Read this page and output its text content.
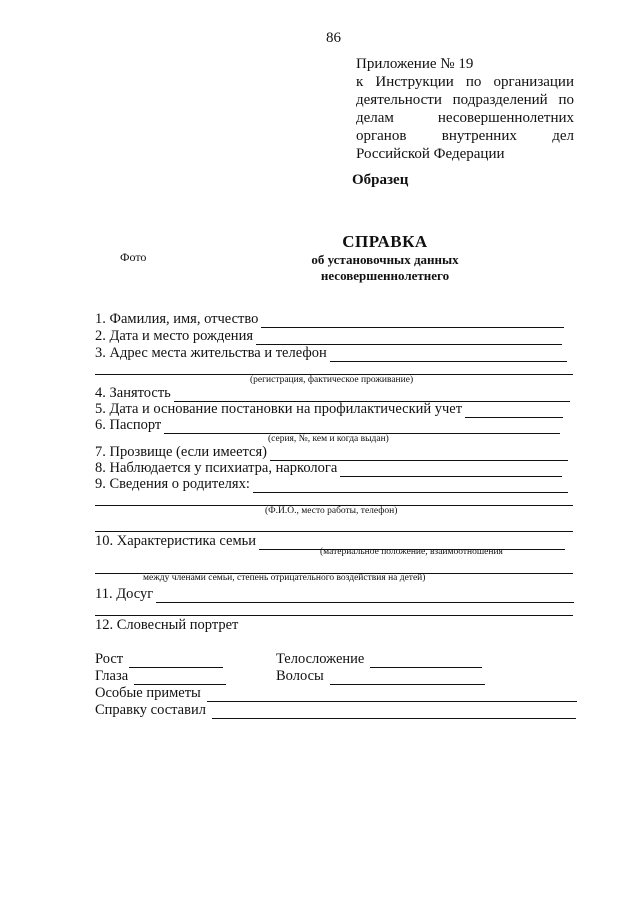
86
Приложение № 19
к Инструкции по организации
деятельности подразделений по
делам	несовершеннолетних
органов внутренних дел
Российской Федерации
Образец
Фото
СПРАВКА
об установочных данных
несовершеннолетнего
1. Фамилия, имя, отчество
2. Дата и место рождения
3. Адрес места жительства и телефон
(регистрация, фактическое проживание)
4. Занятость
5. Дата и основание постановки на профилактический учет
6. Паспорт
(серия, №, кем и когда выдан)
7. Прозвище (если имеется)
8. Наблюдается у психиатра, нарколога
9. Сведения о родителях:
(Ф.И.О., место работы, телефон)
10. Характеристика семьи
(материальное положение, взаимоотношения
между членами семьи, степень отрицательного воздействия на детей)
11. Досуг
12. Словесный портрет
Рост	Телосложение
Глаза	Волосы
Особые приметы
Справку составил
